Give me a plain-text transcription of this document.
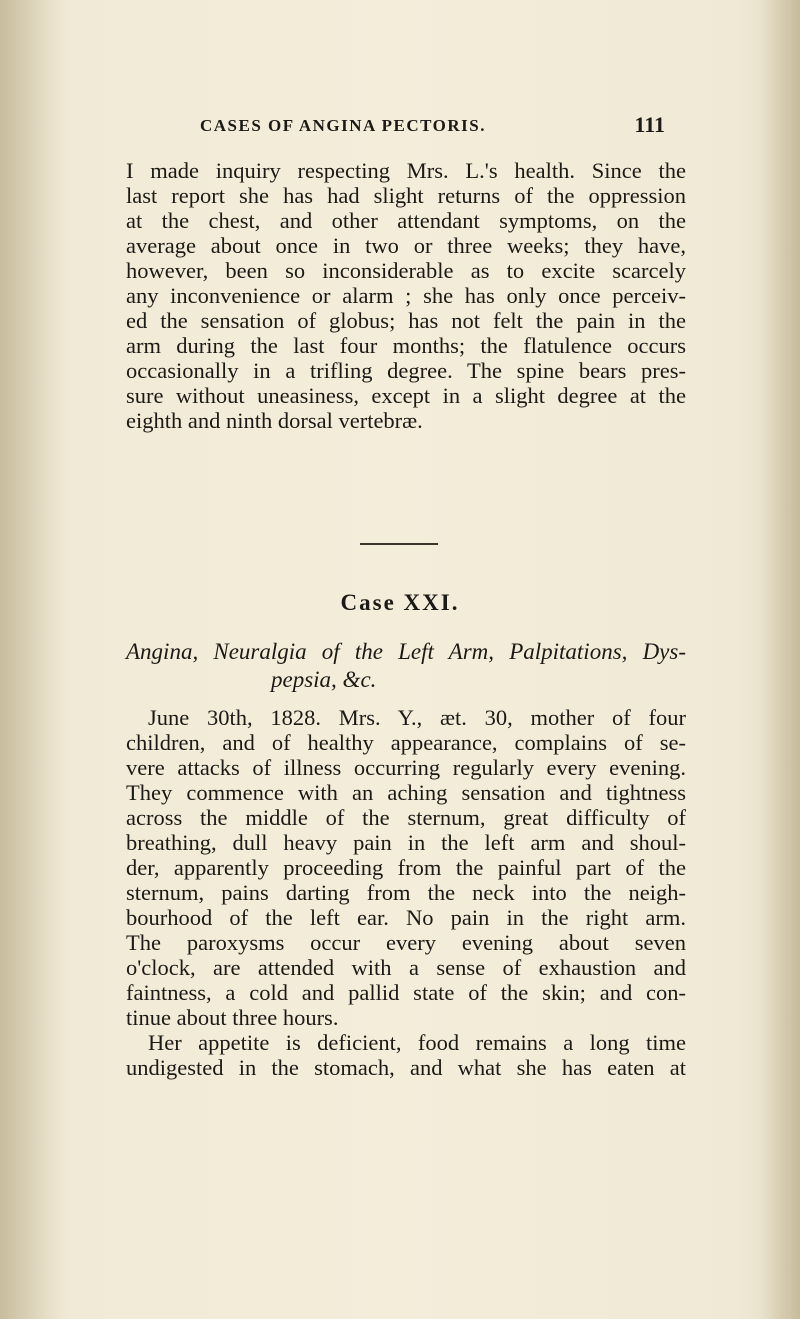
CASES OF ANGINA PECTORIS.	111
I made inquiry respecting Mrs. L.'s health. Since the
last report she has had slight returns of the oppression
at the chest, and other attendant symptoms, on the
average about once in two or three weeks; they have,
however, been so inconsiderable as to excite scarcely
any inconvenience or alarm ; she has only once perceiv-
ed the sensation of globus; has not felt the pain in the
arm during the last four months; the flatulence occurs
occasionally in a trifling degree. The spine bears pres-
sure without uneasiness, except in a slight degree at the
eighth and ninth dorsal vertebræ.
Case XXI.
Angina, Neuralgia of the Left Arm, Palpitations, Dys-
pepsia, &c.
June 30th, 1828. Mrs. Y., æt. 30, mother of four
children, and of healthy appearance, complains of se-
vere attacks of illness occurring regularly every evening.
They commence with an aching sensation and tightness
across the middle of the sternum, great difficulty of
breathing, dull heavy pain in the left arm and shoul-
der, apparently proceeding from the painful part of the
sternum, pains darting from the neck into the neigh-
bourhood of the left ear. No pain in the right arm.
The paroxysms occur every evening about seven
o'clock, are attended with a sense of exhaustion and
faintness, a cold and pallid state of the skin; and con-
tinue about three hours.
Her appetite is deficient, food remains a long time
undigested in the stomach, and what she has eaten at
